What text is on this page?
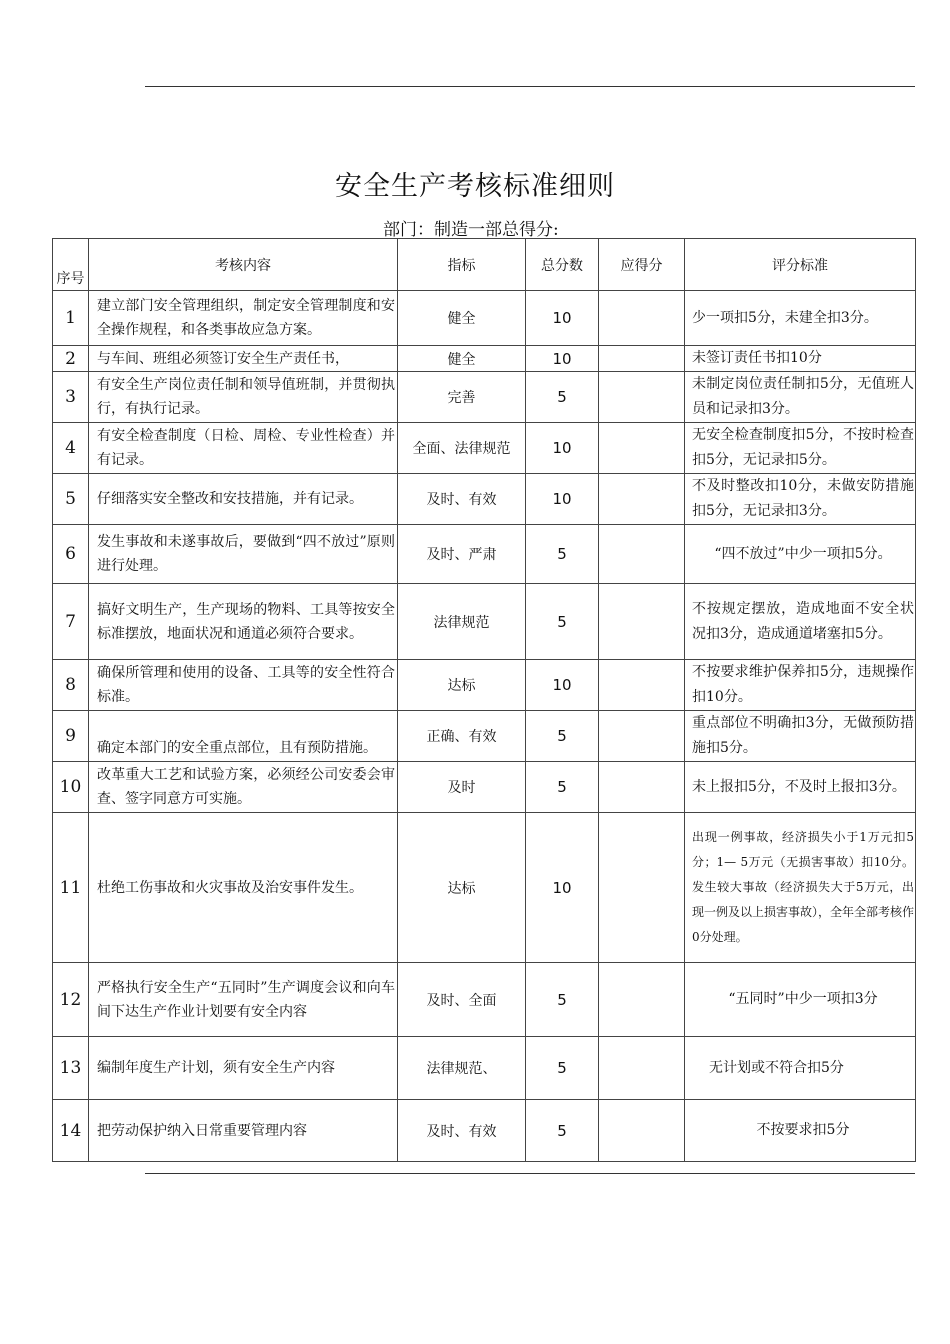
安全生产考核标准细则
部门：制造一部总得分:
序号	考核内容	指标	总分数	应得分	评分标准
1	建立部门安全管理组织，制定安全管理制度和安全操作规程，和各类事故应急方案。	健全	10		少一项扣5分，未建全扣3分。
2	与车间、班组必须签订安全生产责任书，	健全	10		未签订责任书扣10分
3	有安全生产岗位责任制和领导值班制，并贯彻执行，有执行记录。	完善	5		未制定岗位责任制扣5分，无值班人员和记录扣3分。
4	有安全检查制度（日检、周检、专业性检查）并有记录。	全面、法律规范	10		无安全检查制度扣5分，不按时检查扣5分，无记录扣5分。
5	仔细落实安全整改和安技措施，并有记录。	及时、有效	10		不及时整改扣10分，未做安防措施扣5分，无记录扣3分。
6	发生事故和未遂事故后，要做到“四不放过”原则进行处理。	及时、严肃	5		“四不放过”中少一项扣5分。
7	搞好文明生产，生产现场的物料、工具等按安全标准摆放，地面状况和通道必须符合要求。	法律规范	5		不按规定摆放，造成地面不安全状况扣3分，造成通道堵塞扣5分。
8	确保所管理和使用的设备、工具等的安全性符合标准。	达标	10		不按要求维护保养扣5分，违规操作扣10分。
9	确定本部门的安全重点部位，且有预防措施。	正确、有效	5		重点部位不明确扣3分，无做预防措施扣5分。
10	改革重大工艺和试验方案，必须经公司安委会审查、签字同意方可实施。	及时	5		未上报扣5分，不及时上报扣3分。
11	杜绝工伤事故和火灾事故及治安事件发生。	达标	10		出现一例事故，经济损失小于1万元扣5分；1— 5万元（无损害事故）扣10分。发生较大事故（经济损失大于5万元，出现一例及以上损害事故），全年全部考核作0分处理。
12	严格执行安全生产“五同时”生产调度会议和向车间下达生产作业计划要有安全内容	及时、全面	5		“五同时”中少一项扣3分
13	编制年度生产计划，须有安全生产内容	法律规范、	5		无计划或不符合扣5分
14	把劳动保护纳入日常重要管理内容	及时、有效	5		不按要求扣5分
